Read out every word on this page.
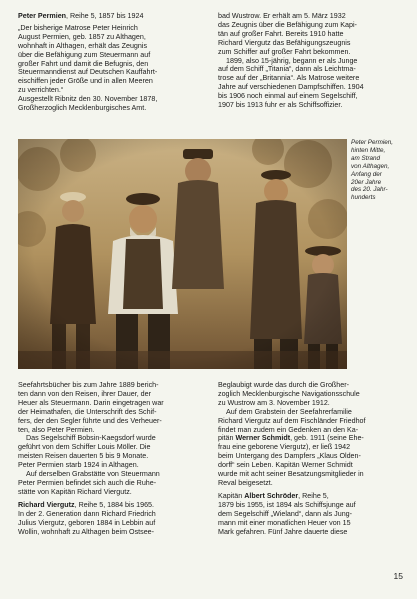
Peter Permien, Reihe 5, 1857 bis 1924

„Der bisherige Matrose Peter Heinrich

August Permien, geb. 1857 zu Althagen,

wohnhaft in Althagen, erhält das Zeugnis

über die Befähigung zum Steuermann auf

großer Fahrt und damit die Befugnis, den

Steuermanndienst auf Deutschen Kauffahrt-

eischiffen jeder Größe und in allen Meeren

zu verrichten.“

Ausgestellt Ribnitz den 30. November 1878,

Großherzoglich Mecklenburgisches Amt.

bad Wustrow. Er erhält am 5. März 1932

das Zeugnis über die Befähigung zum Kapi-

tän auf großer Fahrt. Bereits 1910 hatte

Richard Viergutz das Befähigungszeugnis

zum Schiffer auf großer Fahrt bekommen.

1899, also 15-jährig, begann er als Junge

auf dem Schiff „Titania“, dann als Leichtma-

trose auf der „Britannia“. Als Matrose weitere

Jahre auf verschiedenen Dampfschiffen. 1904

bis 1906 noch einmal auf einem Segelschiff,

1907 bis 1913 fuhr er als Schiffsoffizier.

Peter Permien,

hinten Mitte,

am Strand

von Althagen,

Anfang der

20er Jahre

des 20. Jahr-

hunderts

Seefahrtsbücher bis zum Jahre 1889 berich-

ten dann von den Reisen, ihrer Dauer, der

Heuer als Steuermann. Darin eingetragen war

der Heimathafen, die Unterschrift des Schif-

fers, der den Segler führte und des Verheuer-

ten, also Peter Permien.

Das Segelschiff Bobsin-Kaegsdorf wurde

geführt von dem Schiffer Louis Möller. Die

meisten Reisen dauerten 5 bis 9 Monate.

Peter Permien starb 1924 in Althagen.

Auf derselben Grabstätte von Steuermann

Peter Permien befindet sich auch die Ruhe-

stätte von Kapitän Richard Viergutz.

Richard Viergutz, Reihe 5, 1884 bis 1965.

In der 2. Generation dann Richard Friedrich

Julius Viergutz, geboren 1884 in Lebbin auf

Wollin, wohnhaft zu Althagen beim Ostsee-

Beglaubigt wurde das durch die Großher-

zoglich Mecklenburgische Navigationsschule

zu Wustrow am 3. November 1912.

Auf dem Grabstein der Seefahrerfamilie

Richard Viergutz auf dem Fischländer Friedhof

findet man zudem ein Gedenken an den Ka-

pitän Werner Schmidt, geb. 1911 (seine Ehe-

frau eine geborene Viergutz), er ließ 1942

beim Untergang des Dampfers „Klaus Olden-

dorff“ sein Leben. Kapitän Werner Schmidt

wurde mit acht seiner Besatzungsmitglieder in

Reval beigesetzt.

Kapitän Albert Schröder, Reihe 5,

1879 bis 1955, ist 1894 als Schiffsjunge auf

dem Segelschiff „Wieland“, dann als Jung-

mann mit einer monatlichen Heuer von 15

Mark gefahren. Fünf Jahre dauerte diese

15
